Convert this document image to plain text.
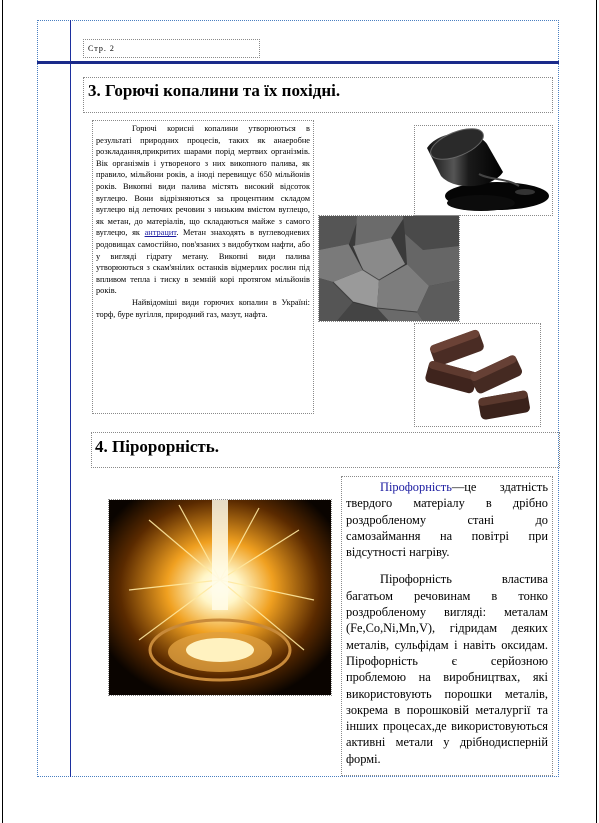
Стр. 2
3. Горючі копалини та їх похідні.

Горючі корисні копалини утворюються в результаті природних процесів, таких як анаеробне розкладання,прикритих шарами порід мертвих організмів. Вік організмів і утвореного з них викопного палива, як правило, мільйони років, а іноді перевищує 650 мільйонів років. Викопні види палива містять високий відсоток вуглецю. Вони відрізняються за процентним складом вуглецю від летючих речовин з низьким вмістом вуглецю, як метан, до матеріалів, що складаються майже з самого вуглецю, як антрацит. Метан знаходять в вуглеводневих родовищах самостійно, пов'язаних з видобутком нафти, або у вигляді гідрату метану. Викопні види палива утворюються з скам'янілих останків відмерлих рослин під впливом тепла і тиску в земній корі протягом мільйонів років.

Найвідоміші види горючих копалин в Україні: торф, буре вугілля, природний газ, мазут, нафта.

4. Піророрність.

Пірофорність—це здатність твердого матеріалу в дрібно роздробленому стані до самозаймання на повітрі при відсутності нагріву.

Пірофорність властива багатьом речовинам в тонко роздробленому вигляді: металам (Fe,Co,Ni,Mn,V), гідридам деяких металів, сульфідам і навіть оксидам. Пірофорність є серйозною проблемою на виробництвах, які використовують порошки металів, зокрема в порошковій металургії та інших процесах,де використовуються активні метали у дрібнодисперній формі.
